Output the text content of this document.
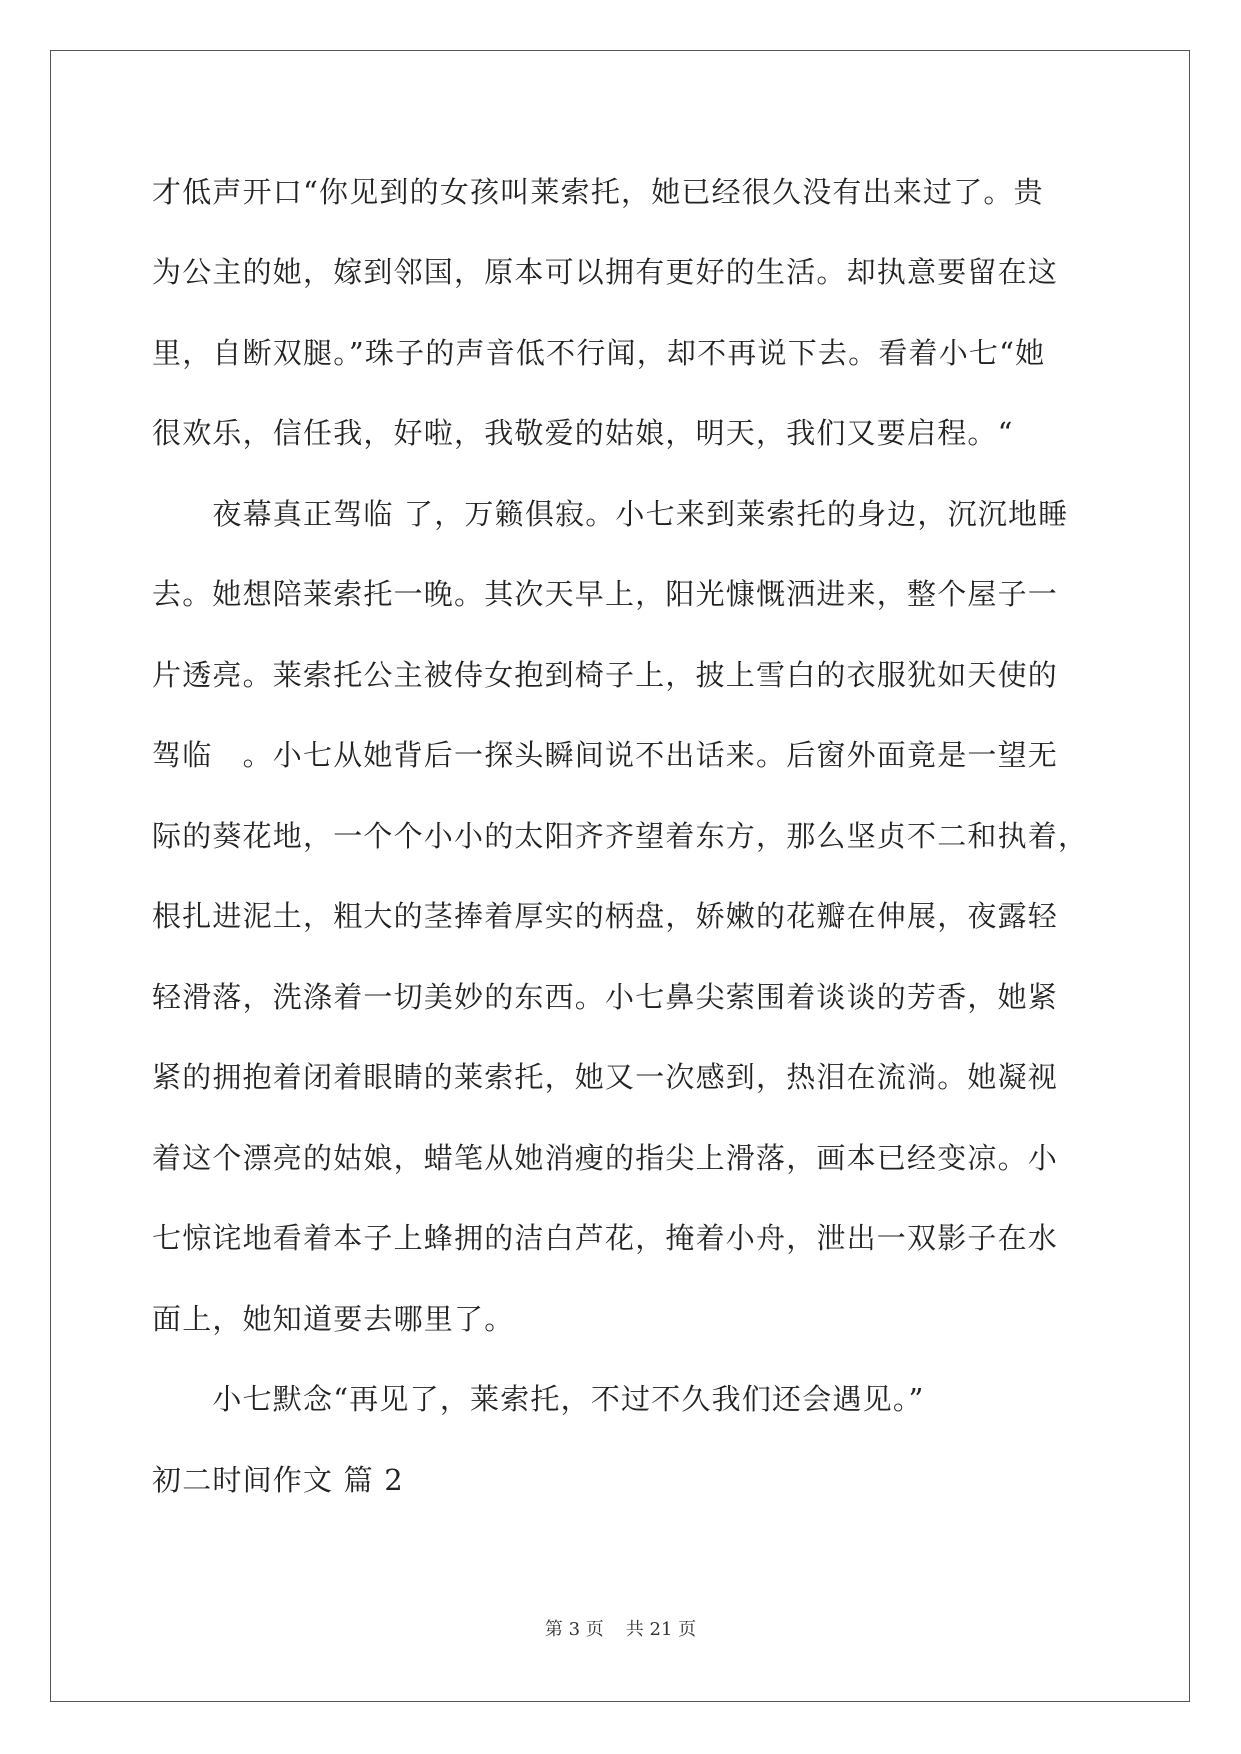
才低声开口“你见到的女孩叫莱索托，她已经很久没有出来过了。贵
为公主的她，嫁到邻国，原本可以拥有更好的生活。却执意要留在这
里，自断双腿。”珠子的声音低不行闻，却不再说下去。看着小七“她
很欢乐，信任我，好啦，我敬爱的姑娘，明天，我们又要启程。“
　　夜幕真正驾临 了，万籁俱寂。小七来到莱索托的身边，沉沉地睡
去。她想陪莱索托一晚。其次天早上，阳光慷慨洒进来，整个屋子一
片透亮。莱索托公主被侍女抱到椅子上，披上雪白的衣服犹如天使的
驾临　。小七从她背后一探头瞬间说不出话来。后窗外面竟是一望无
际的葵花地，一个个小小的太阳齐齐望着东方，那么坚贞不二和执着，
根扎进泥土，粗大的茎捧着厚实的柄盘，娇嫩的花瓣在伸展，夜露轻
轻滑落，洗涤着一切美妙的东西。小七鼻尖萦围着谈谈的芳香，她紧
紧的拥抱着闭着眼睛的莱索托，她又一次感到，热泪在流淌。她凝视
着这个漂亮的姑娘，蜡笔从她消瘦的指尖上滑落，画本已经变凉。小
七惊诧地看着本子上蜂拥的洁白芦花，掩着小舟，泄出一双影子在水
面上，她知道要去哪里了。
　　小七默念“再见了，莱索托，不过不久我们还会遇见。”
初二时间作文 篇 2
第 3 页 共 21 页
